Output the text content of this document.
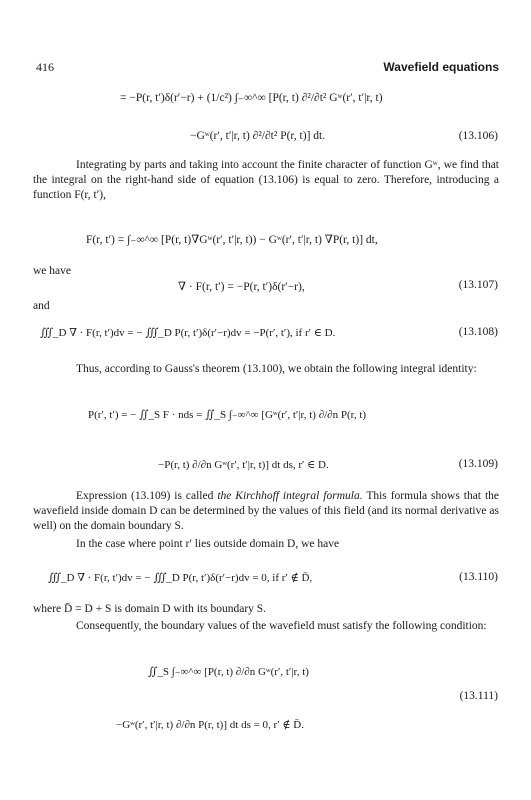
416	Wavefield equations
= −P(r, t′)δ(r′−r) + (1/c²) ∫₋∞^∞ [P(r, t) ∂²/∂t² Gʷ(r′, t′|r, t)
−Gʷ(r′, t′|r, t) ∂²/∂t² P(r, t)] dt.	(13.106)
Integrating by parts and taking into account the finite character of function Gʷ, we find that the integral on the right-hand side of equation (13.106) is equal to zero. Therefore, introducing a function F(r, t′),
F(r, t′) = ∫₋∞^∞ [P(r, t)∇Gʷ(r′, t′|r, t)) − Gʷ(r′, t′|r, t) ∇P(r, t)] dt,
we have
∇ · F(r, t′) = −P(r, t′)δ(r′−r),	(13.107)
and
∭_D ∇ · F(r, t′)dv = − ∭_D P(r, t′)δ(r′−r)dv = −P(r′, t′), if r′ ∈ D.	(13.108)
Thus, according to Gauss's theorem (13.100), we obtain the following integral identity:
P(r′, t′) = − ∬_S F · nds = ∬_S ∫₋∞^∞ [Gʷ(r′, t′|r, t) ∂/∂n P(r, t)
−P(r, t) ∂/∂n Gʷ(r′, t′|r, t)] dt ds, r′ ∈ D.	(13.109)
Expression (13.109) is called the Kirchhoff integral formula. This formula shows that the wavefield inside domain D can be determined by the values of this field (and its normal derivative as well) on the domain boundary S.
In the case where point r′ lies outside domain D, we have
∭_D ∇ · F(r, t′)dv = − ∭_D P(r, t′)δ(r′−r)dv = 0, if r′ ∉ D̄,	(13.110)
where D̄ = D + S is domain D with its boundary S.
Consequently, the boundary values of the wavefield must satisfy the following condition:
∬_S ∫₋∞^∞ [P(r, t) ∂/∂n Gʷ(r′, t′|r, t)
(13.111)
−Gʷ(r′, t′|r, t) ∂/∂n P(r, t)] dt ds = 0, r′ ∉ D̄.
